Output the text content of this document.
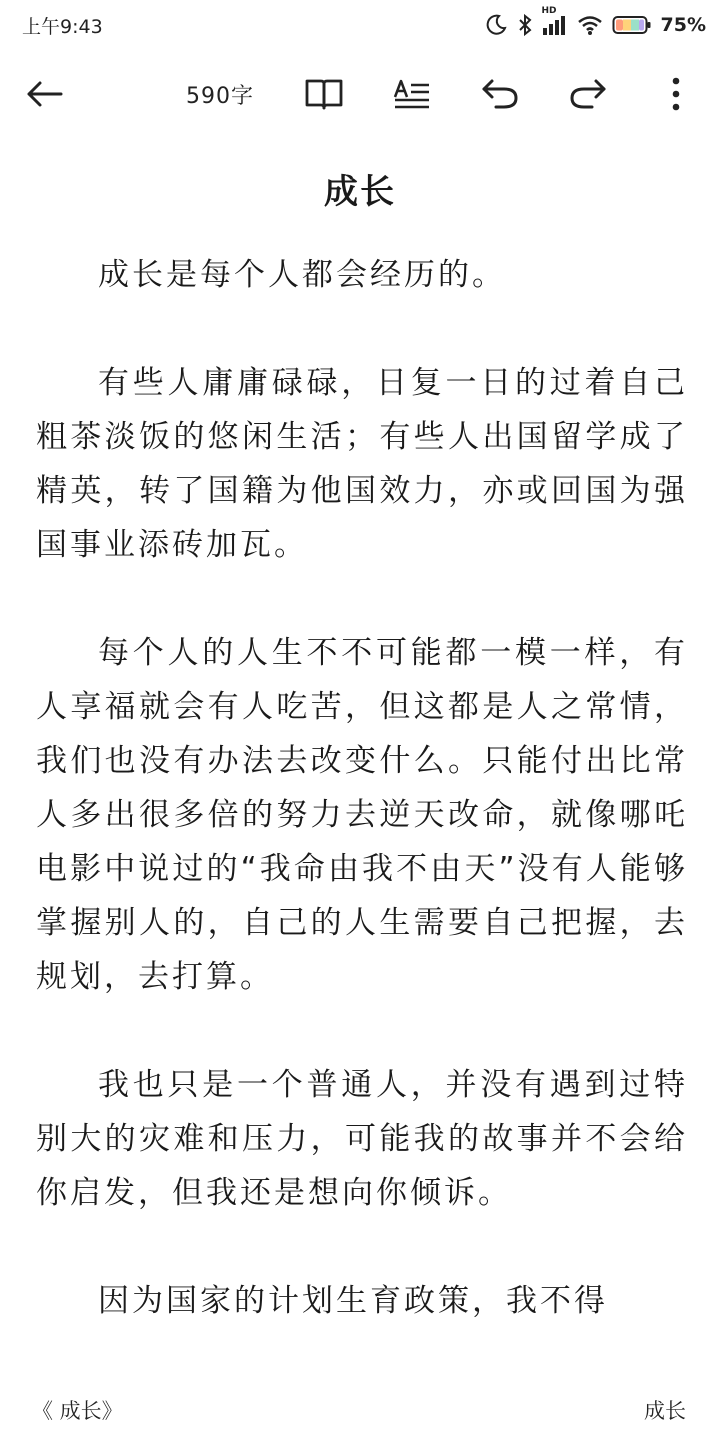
上午9:43
HD
75%
590字
成长

成长是每个人都会经历的。

有些人庸庸碌碌，日复一日的过着自己粗茶淡饭的悠闲生活；有些人出国留学成了精英，转了国籍为他国效力，亦或回国为强国事业添砖加瓦。

每个人的人生不不可能都一模一样，有人享福就会有人吃苦，但这都是人之常情，我们也没有办法去改变什么。只能付出比常人多出很多倍的努力去逆天改命，就像哪吒电影中说过的“我命由我不由天”没有人能够掌握别人的，自己的人生需要自己把握，去规划，去打算。

我也只是一个普通人，并没有遇到过特别大的灾难和压力，可能我的故事并不会给你启发，但我还是想向你倾诉。

因为国家的计划生育政策，我不得

《 成长》	成长
